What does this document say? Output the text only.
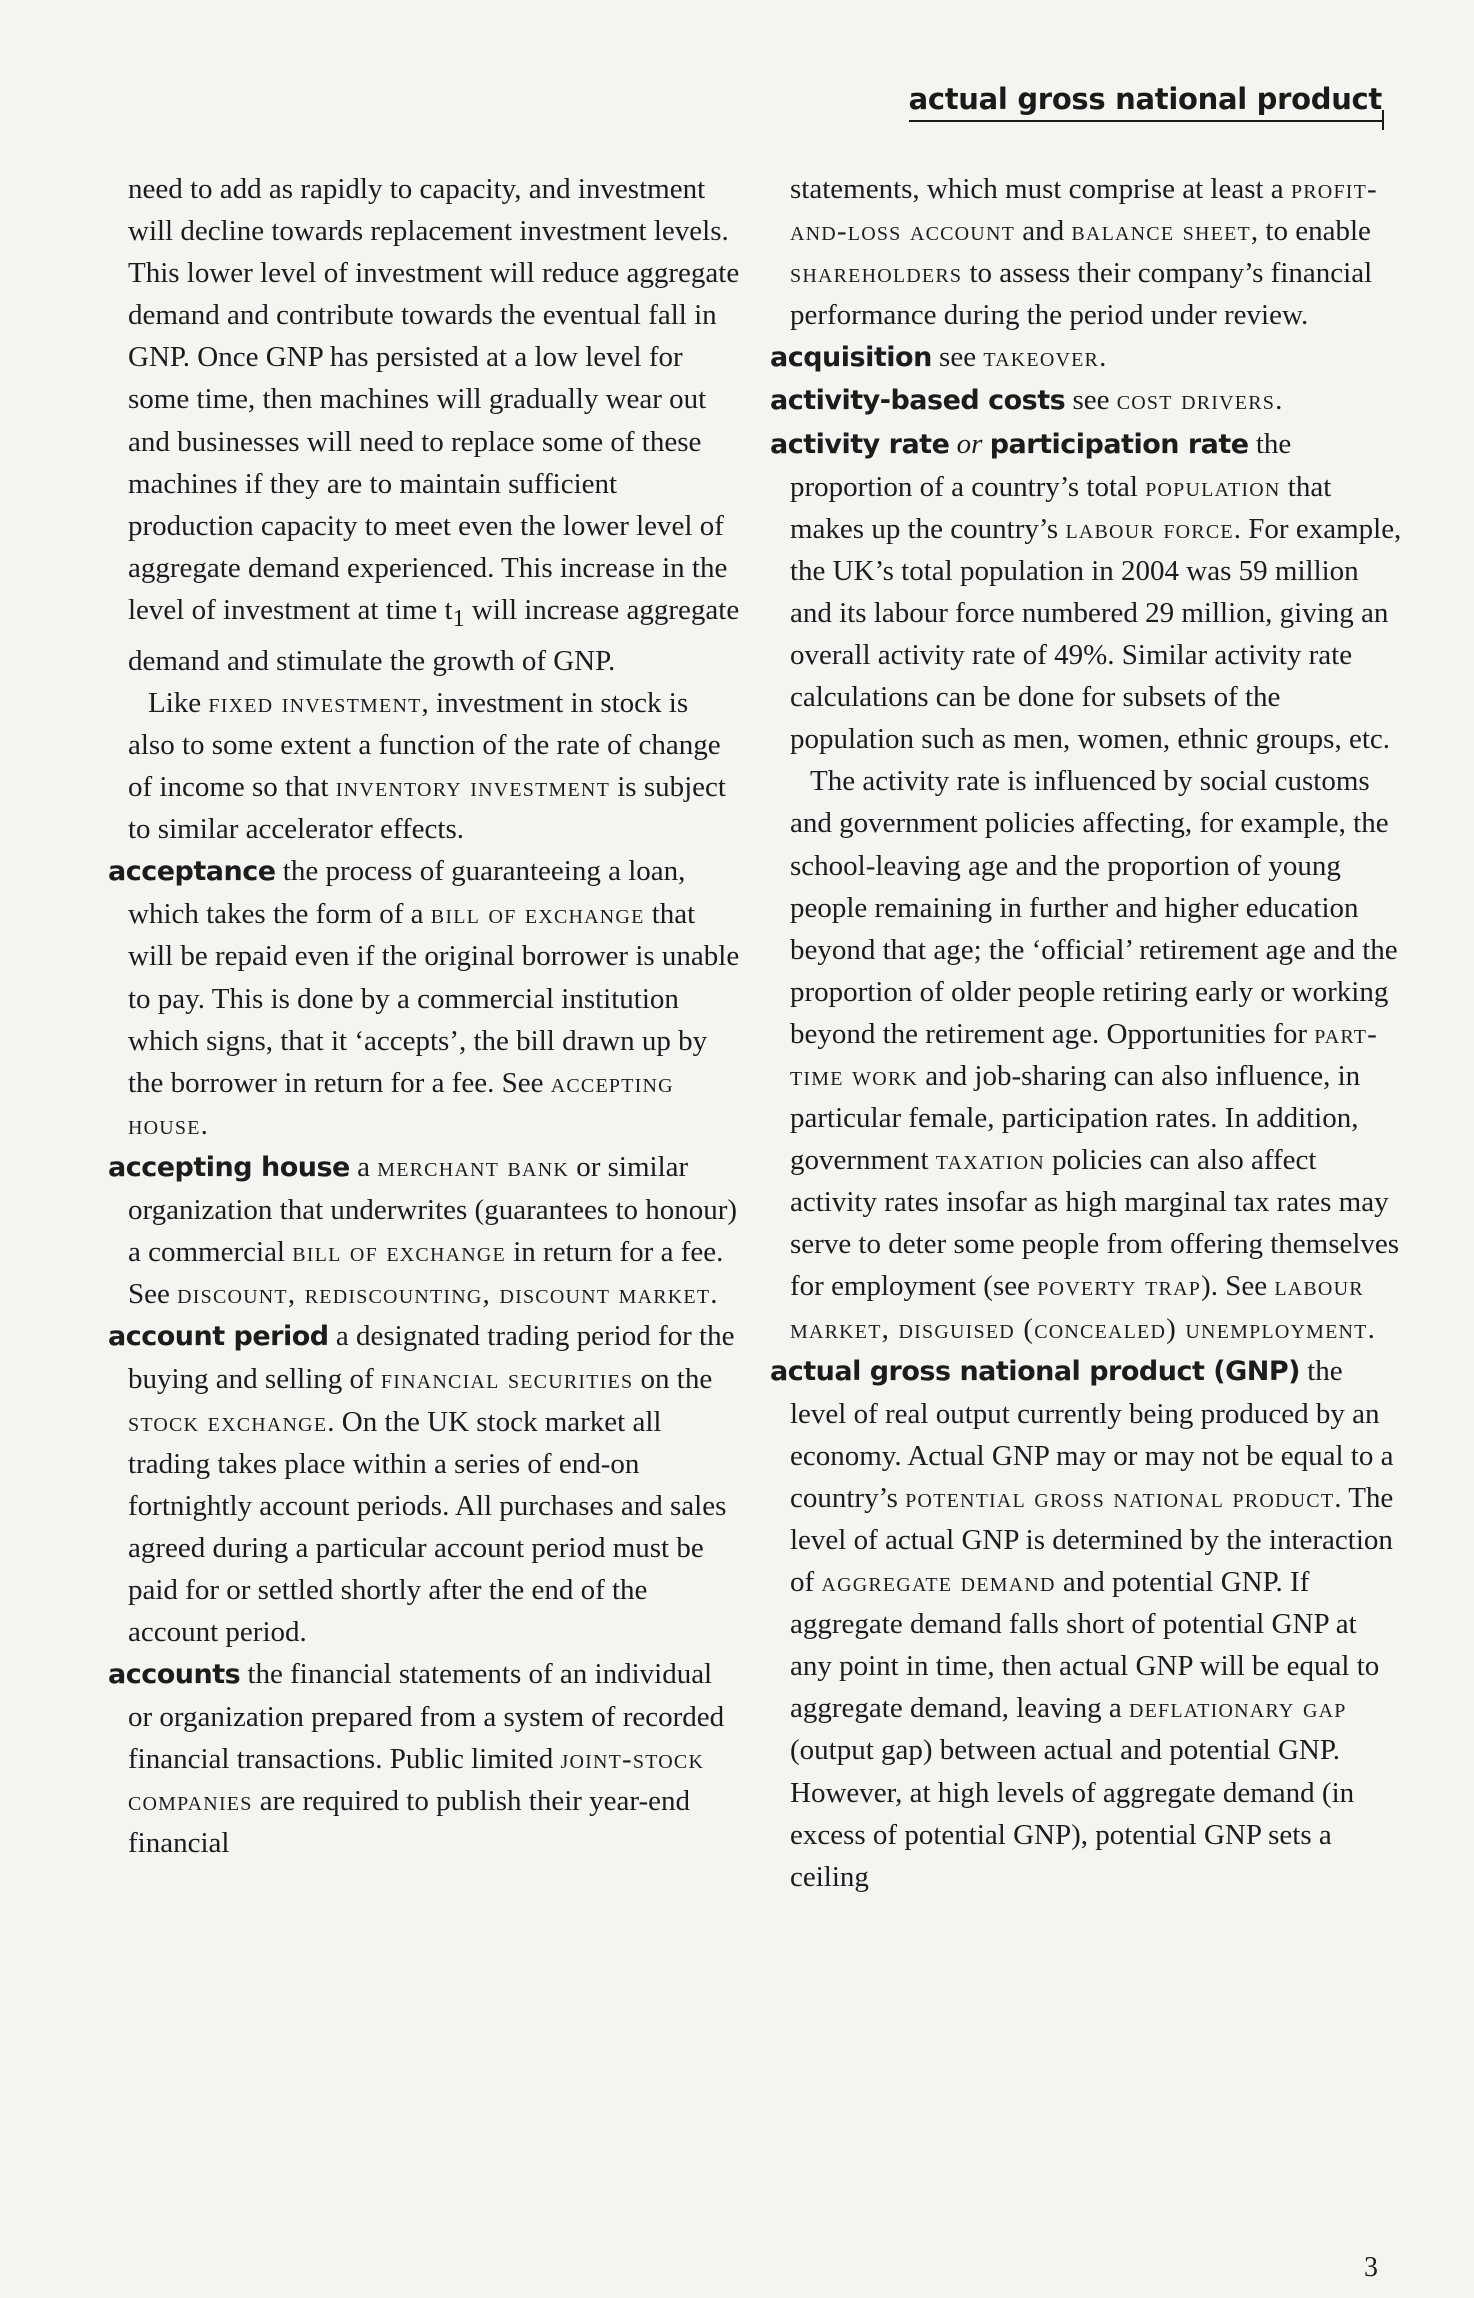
actual gross national product

need to add as rapidly to capacity, and investment will decline towards replacement investment levels. This lower level of investment will reduce aggregate demand and contribute towards the eventual fall in GNP. Once GNP has persisted at a low level for some time, then machines will gradually wear out and businesses will need to replace some of these machines if they are to maintain sufficient production capacity to meet even the lower level of aggregate demand experienced. This increase in the level of investment at time $t_1$ will increase aggregate demand and stimulate the growth of GNP.

Like fixed investment, investment in stock is also to some extent a function of the rate of change of income so that inventory investment is subject to similar accelerator effects.

acceptance the process of guaranteeing a loan, which takes the form of a bill of exchange that will be repaid even if the original borrower is unable to pay. This is done by a commercial institution which signs, that it ‘accepts’, the bill drawn up by the borrower in return for a fee. See accepting house.

accepting house a merchant bank or similar organization that underwrites (guarantees to honour) a commercial bill of exchange in return for a fee. See discount, rediscounting, discount market.

account period a designated trading period for the buying and selling of financial securities on the stock exchange. On the UK stock market all trading takes place within a series of end-on fortnightly account periods. All purchases and sales agreed during a particular account period must be paid for or settled shortly after the end of the account period.

accounts the financial statements of an individual or organization prepared from a system of recorded financial transactions. Public limited joint-stock companies are required to publish their year-end financial

statements, which must comprise at least a profit-and-loss account and balance sheet, to enable shareholders to assess their company’s financial performance during the period under review.

acquisition see takeover.

activity-based costs see cost drivers.

activity rate or participation rate the proportion of a country’s total population that makes up the country’s labour force. For example, the UK’s total population in 2004 was 59 million and its labour force numbered 29 million, giving an overall activity rate of 49%. Similar activity rate calculations can be done for subsets of the population such as men, women, ethnic groups, etc.

The activity rate is influenced by social customs and government policies affecting, for example, the school-leaving age and the proportion of young people remaining in further and higher education beyond that age; the ‘official’ retirement age and the proportion of older people retiring early or working beyond the retirement age. Opportunities for part-time work and job-sharing can also influence, in particular female, participation rates. In addition, government taxation policies can also affect activity rates insofar as high marginal tax rates may serve to deter some people from offering themselves for employment (see poverty trap). See labour market, disguised (concealed) unemployment.

actual gross national product (GNP) the level of real output currently being produced by an economy. Actual GNP may or may not be equal to a country’s potential gross national product. The level of actual GNP is determined by the interaction of aggregate demand and potential GNP. If aggregate demand falls short of potential GNP at any point in time, then actual GNP will be equal to aggregate demand, leaving a deflationary gap (output gap) between actual and potential GNP. However, at high levels of aggregate demand (in excess of potential GNP), potential GNP sets a ceiling

3
